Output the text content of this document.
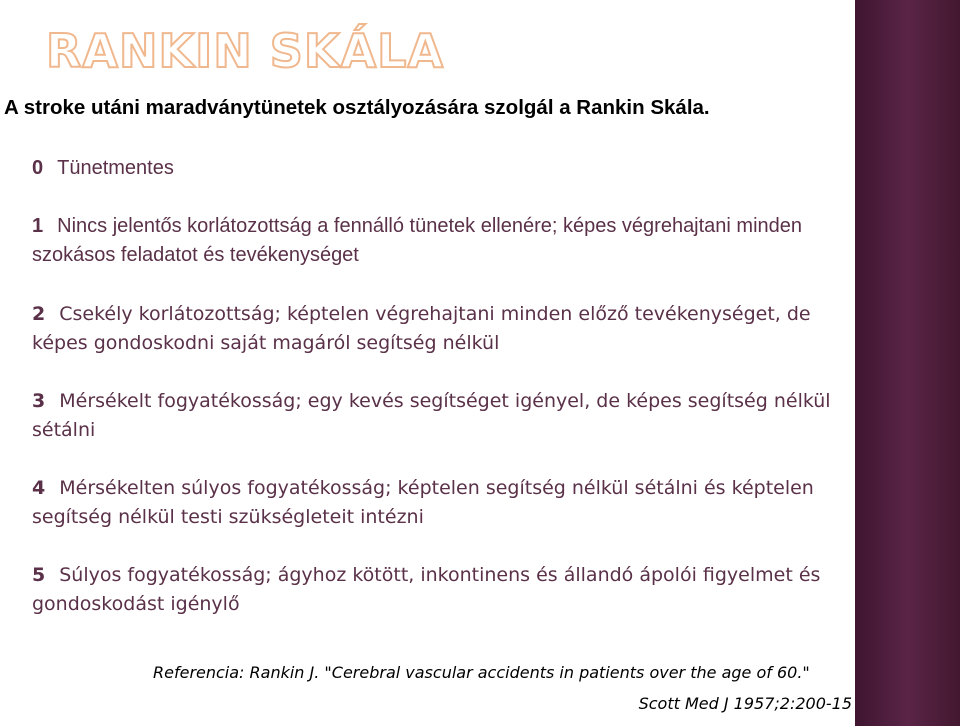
RANKIN SKÁLA
A stroke utáni maradványtünetek osztályozására szolgál a Rankin Skála.
0 Tünetmentes
1 Nincs jelentős korlátozottság a fennálló tünetek ellenére; képes végrehajtani minden szokásos feladatot és tevékenységet
2 Csekély korlátozottság; képtelen végrehajtani minden előző tevékenységet, de képes gondoskodni saját magáról segítség nélkül
3 Mérsékelt fogyatékosság; egy kevés segítséget igényel, de képes segítség nélkül sétálni
4 Mérsékelten súlyos fogyatékosság; képtelen segítség nélkül sétálni és képtelen segítség nélkül testi szükségleteit intézni
5 Súlyos fogyatékosság; ágyhoz kötött, inkontinens és állandó ápolói figyelmet és gondoskodást igénylő
Referencia: Rankin J. "Cerebral vascular accidents in patients over the age of 60."
Scott Med J 1957;2:200-15
